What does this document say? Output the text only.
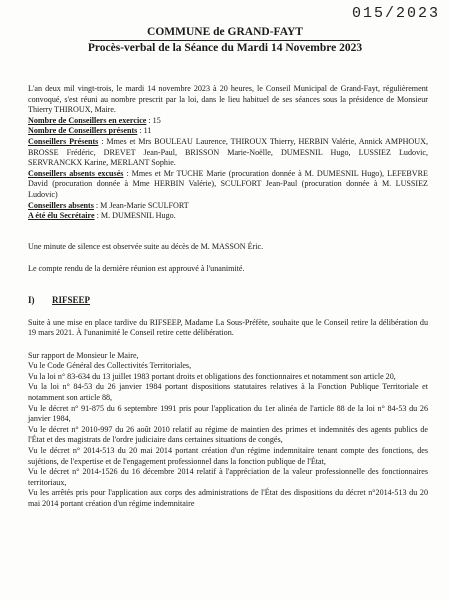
015/2023
COMMUNE de GRAND-FAYT
Procès-verbal de la Séance du Mardi 14 Novembre 2023

L'an deux mil vingt-trois, le mardi 14 novembre 2023 à 20 heures, le Conseil Municipal de Grand-Fayt, régulièrement convoqué, s'est réuni au nombre prescrit par la loi, dans le lieu habituel de ses séances sous la présidence de Monsieur Thierry THIROUX, Maire.

Nombre de Conseillers en exercice : 15

Nombre de Conseillers présents : 11

Conseillers Présents : Mmes et Mrs BOULEAU Laurence, THIROUX Thierry, HERBIN Valérie, Annick AMPHOUX, BROSSE Frédéric, DREVET Jean-Paul, BRISSON Marie-Noëlle, DUMESNIL Hugo, LUSSIEZ Ludovic, SERVRANCKX Karine, MERLANT Sophie.

Conseillers absents excusés : Mmes et Mr TUCHE Marie (procuration donnée à M. DUMESNIL Hugo), LEFEBVRE David (procuration donnée à Mme HERBIN Valérie), SCULFORT Jean-Paul (procuration donnée à M. LUSSIEZ Ludovic)

Conseillers absents : M Jean-Marie SCULFORT

A été élu Secrétaire : M. DUMESNIL Hugo.

Une minute de silence est observée suite au décès de M. MASSON Éric.

Le compte rendu de la dernière réunion est approuvé à l'unanimité.

I) RIFSEEP

Suite à une mise en place tardive du RIFSEEP, Madame La Sous-Préfète, souhaite que le Conseil retire la délibération du 19 mars 2021. À l'unanimité le Conseil retire cette délibération.

Sur rapport de Monsieur le Maire,

Vu le Code Général des Collectivités Territoriales,

Vu la loi n° 83-634 du 13 juillet 1983 portant droits et obligations des fonctionnaires et notamment son article 20,

Vu la loi n° 84-53 du 26 janvier 1984 portant dispositions statutaires relatives à la Fonction Publique Territoriale et notamment son article 88,

Vu le décret n° 91-875 du 6 septembre 1991 pris pour l'application du 1er alinéa de l'article 88 de la loi n° 84-53 du 26 janvier 1984,

Vu le décret n° 2010-997 du 26 août 2010 relatif au régime de maintien des primes et indemnités des agents publics de l'État et des magistrats de l'ordre judiciaire dans certaines situations de congés,

Vu le décret n° 2014-513 du 20 mai 2014 portant création d'un régime indemnitaire tenant compte des fonctions, des sujétions, de l'expertise et de l'engagement professionnel dans la fonction publique de l'État,

Vu le décret n° 2014-1526 du 16 décembre 2014 relatif à l'appréciation de la valeur professionnelle des fonctionnaires territoriaux,

Vu les arrêtés pris pour l'application aux corps des administrations de l'État des dispositions du décret n°2014-513 du 20 mai 2014 portant création d'un régime indemnitaire
